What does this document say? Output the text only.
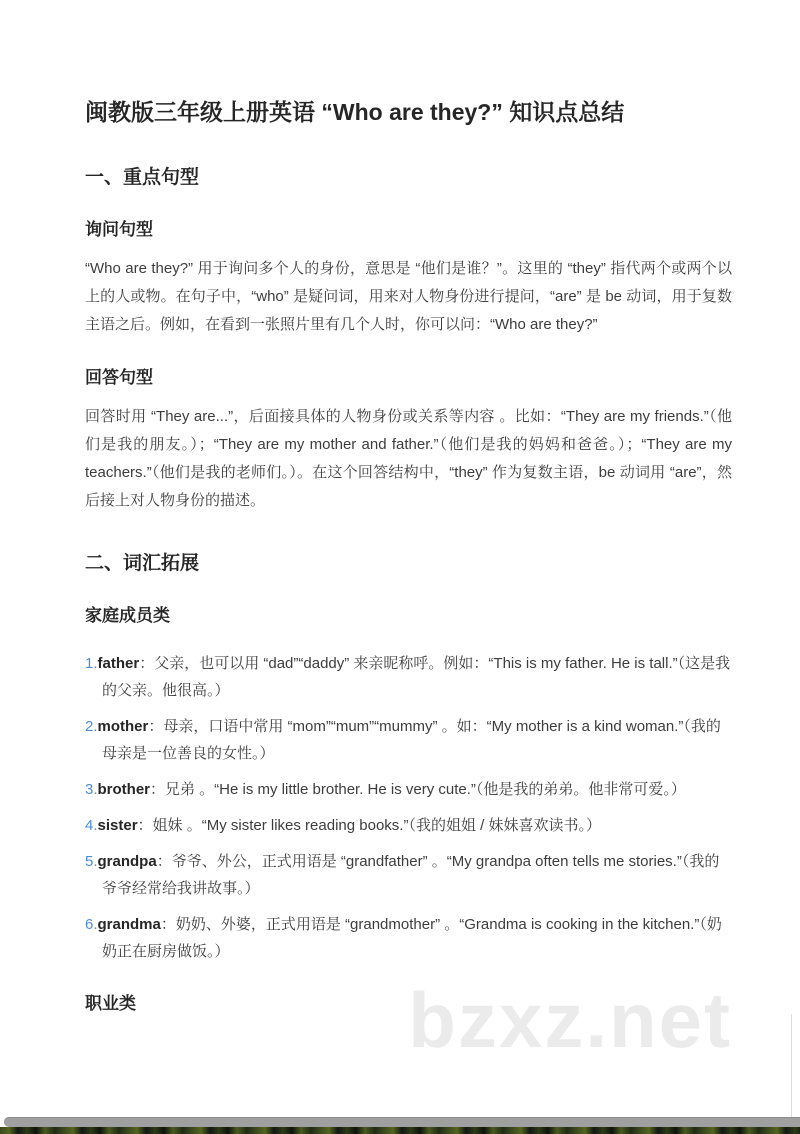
闽教版三年级上册英语 “Who are they?” 知识点总结
一、重点句型
询问句型

“Who are they?” 用于询问多个人的身份，意思是 “他们是谁？”。这里的 “they” 指代两个或两个以上的人或物。在句子中，“who” 是疑问词，用来对人物身份进行提问，“are” 是 be 动词，用于复数主语之后。例如，在看到一张照片里有几个人时，你可以问：“Who are they?”

回答句型

回答时用 “They are...”，后面接具体的人物身份或关系等内容 。比如：“They are my friends.”（他们是我的朋友。）；“They are my mother and father.”（他们是我的妈妈和爸爸。）；“They are my teachers.”（他们是我的老师们。）。在这个回答结构中，“they” 作为复数主语，be 动词用 “are”，然后接上对人物身份的描述。

二、词汇拓展
家庭成员类
1.father：父亲，也可以用 “dad”“daddy” 来亲昵称呼。例如：“This is my father. He is tall.”（这是我的父亲。他很高。）
2.mother：母亲，口语中常用 “mom”“mum”“mummy” 。如：“My mother is a kind woman.”（我的母亲是一位善良的女性。）
3.brother：兄弟 。“He is my little brother. He is very cute.”（他是我的弟弟。他非常可爱。）
4.sister：姐妹 。“My sister likes reading books.”（我的姐姐 / 妹妹喜欢读书。）
5.grandpa：爷爷、外公，正式用语是 “grandfather” 。“My grandpa often tells me stories.”（我的爷爷经常给我讲故事。）
6.grandma：奶奶、外婆，正式用语是 “grandmother” 。“Grandma is cooking in the kitchen.”（奶奶正在厨房做饭。）
职业类	bzxz.net
